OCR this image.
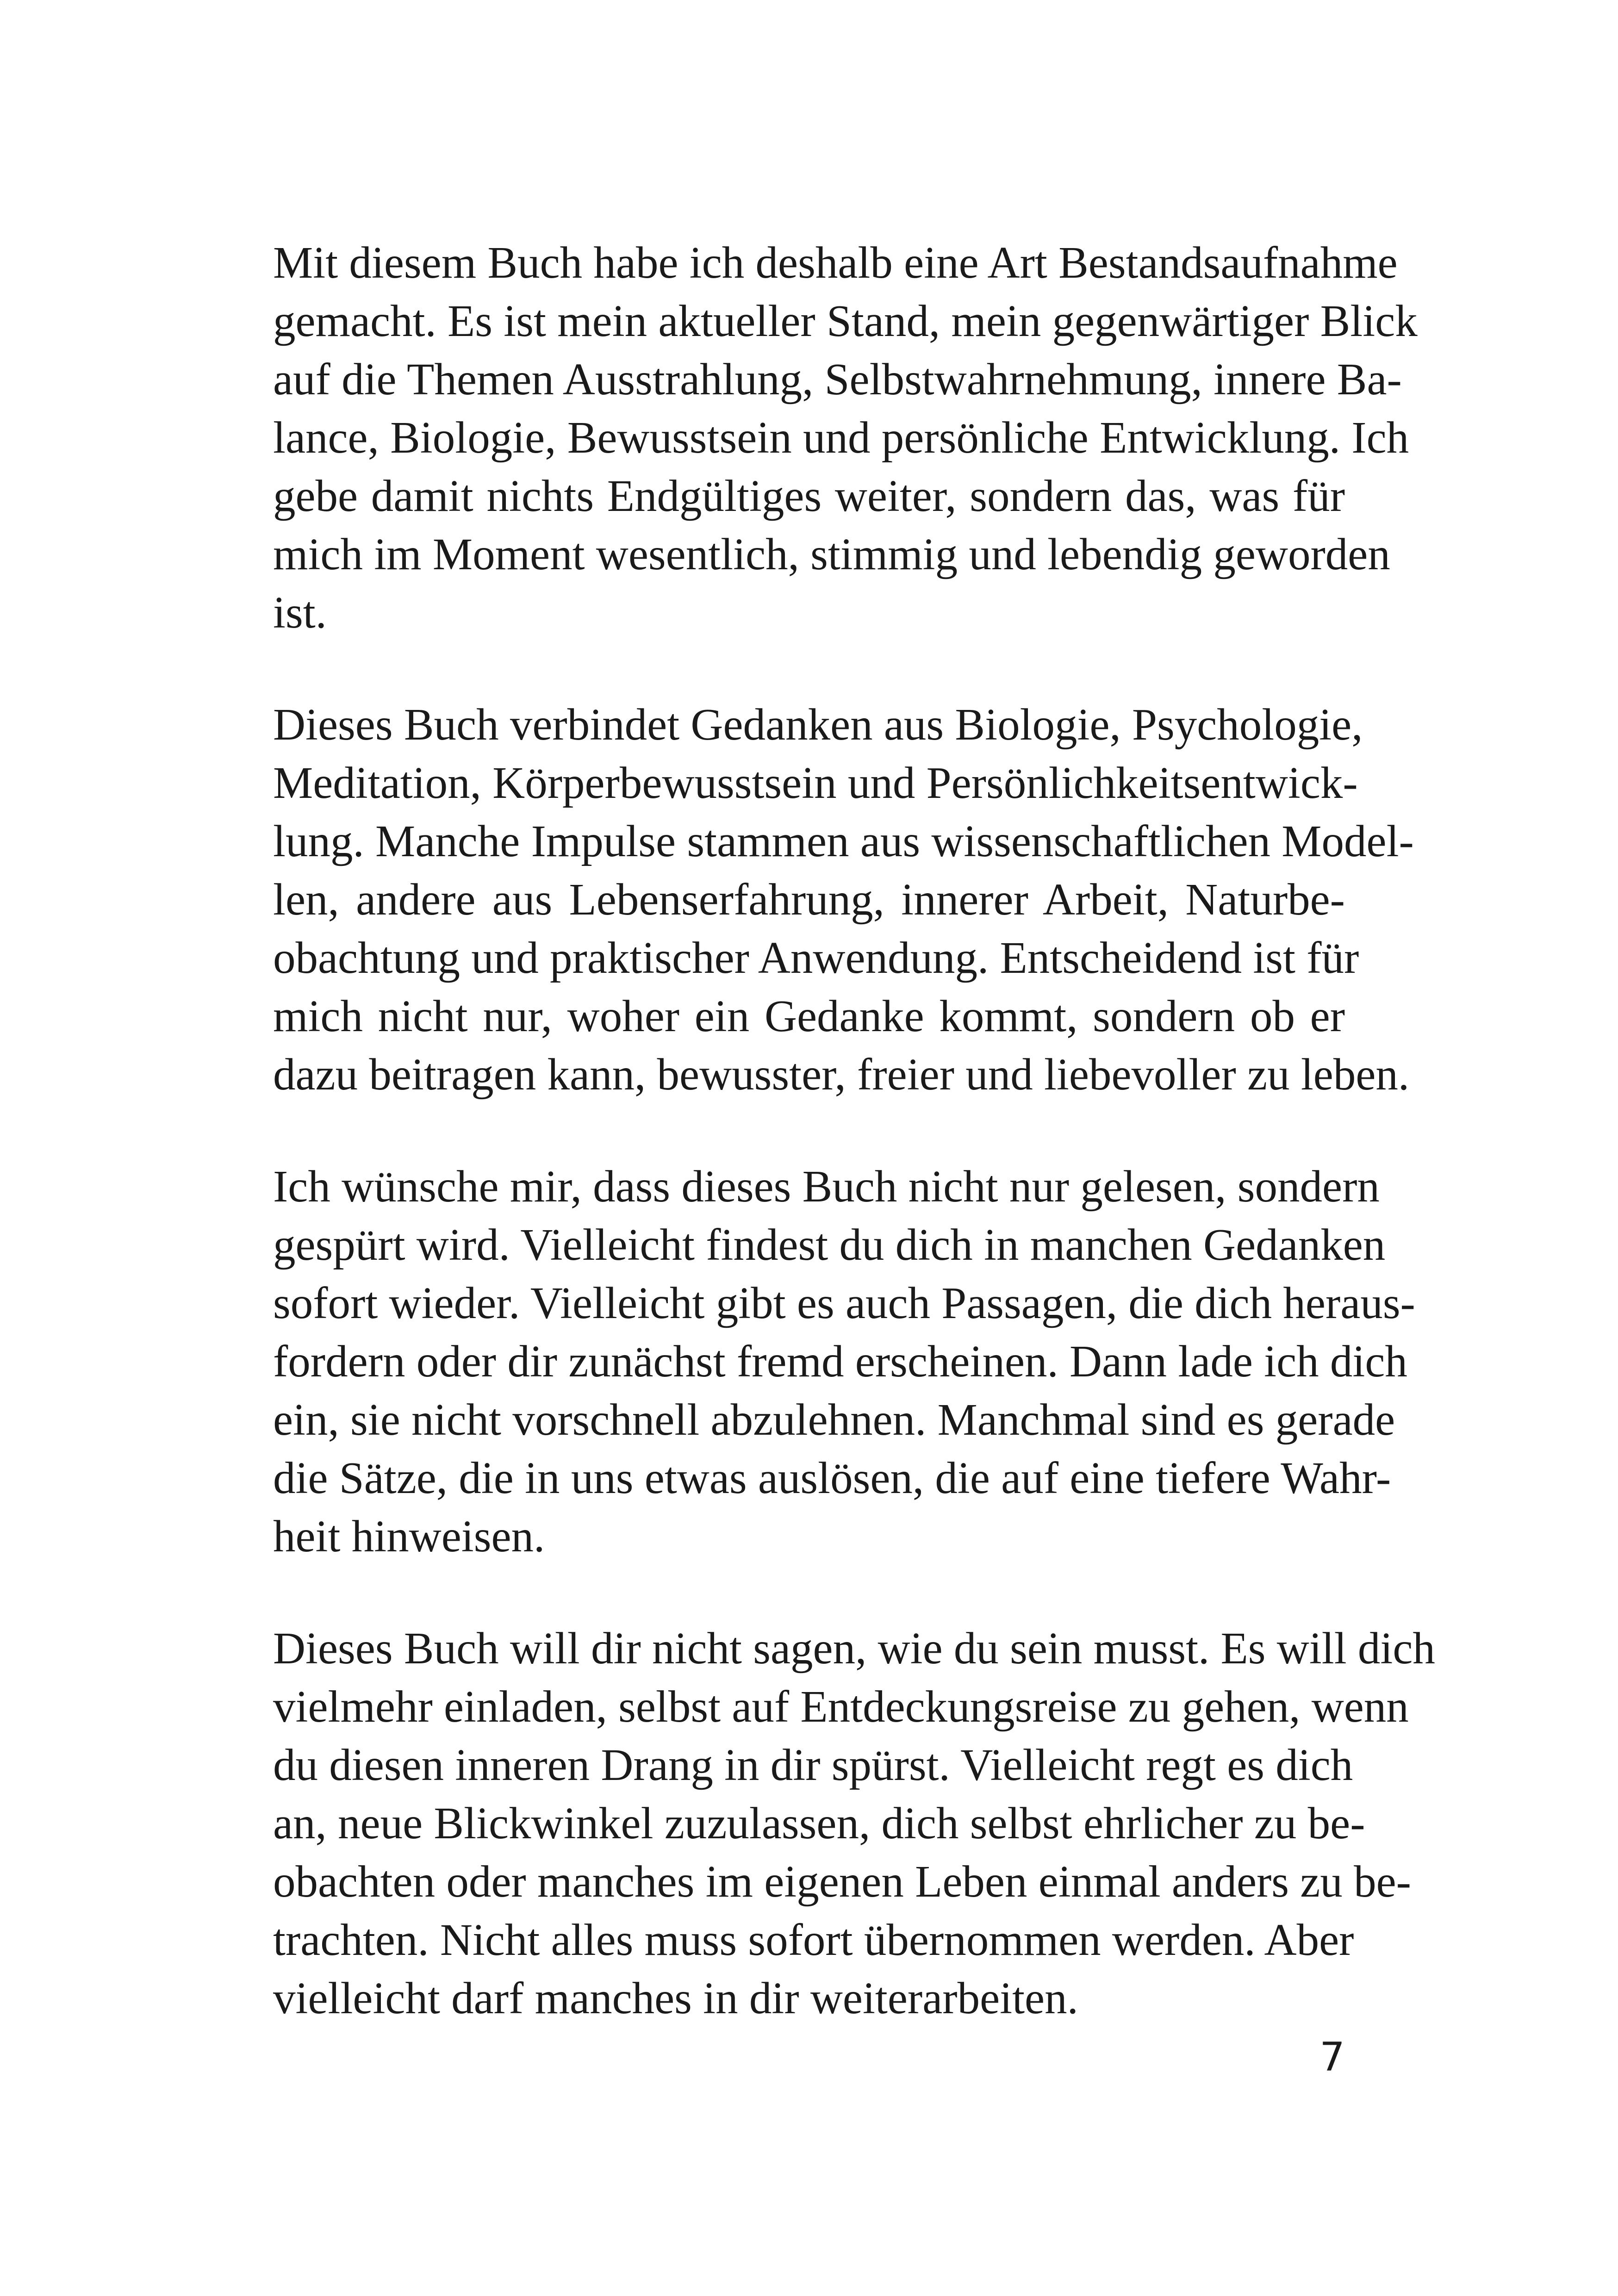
Mit diesem Buch habe ich deshalb eine Art Bestandsaufnahme
gemacht. Es ist mein aktueller Stand, mein gegenwärtiger Blick
auf die Themen Ausstrahlung, Selbstwahrnehmung, innere Ba-
lance, Biologie, Bewusstsein und persönliche Entwicklung. Ich
gebe damit nichts Endgültiges weiter, sondern das, was für
mich im Moment wesentlich, stimmig und lebendig geworden
ist.

Dieses Buch verbindet Gedanken aus Biologie, Psychologie,
Meditation, Körperbewusstsein und Persönlichkeitsentwick-
lung. Manche Impulse stammen aus wissenschaftlichen Model-
len, andere aus Lebenserfahrung, innerer Arbeit, Naturbe-
obachtung und praktischer Anwendung. Entscheidend ist für
mich nicht nur, woher ein Gedanke kommt, sondern ob er
dazu beitragen kann, bewusster, freier und liebevoller zu leben.

Ich wünsche mir, dass dieses Buch nicht nur gelesen, sondern
gespürt wird. Vielleicht findest du dich in manchen Gedanken
sofort wieder. Vielleicht gibt es auch Passagen, die dich heraus-
fordern oder dir zunächst fremd erscheinen. Dann lade ich dich
ein, sie nicht vorschnell abzulehnen. Manchmal sind es gerade
die Sätze, die in uns etwas auslösen, die auf eine tiefere Wahr-
heit hinweisen.

Dieses Buch will dir nicht sagen, wie du sein musst. Es will dich
vielmehr einladen, selbst auf Entdeckungsreise zu gehen, wenn
du diesen inneren Drang in dir spürst. Vielleicht regt es dich
an, neue Blickwinkel zuzulassen, dich selbst ehrlicher zu be-
obachten oder manches im eigenen Leben einmal anders zu be-
trachten. Nicht alles muss sofort übernommen werden. Aber
vielleicht darf manches in dir weiterarbeiten.

7
